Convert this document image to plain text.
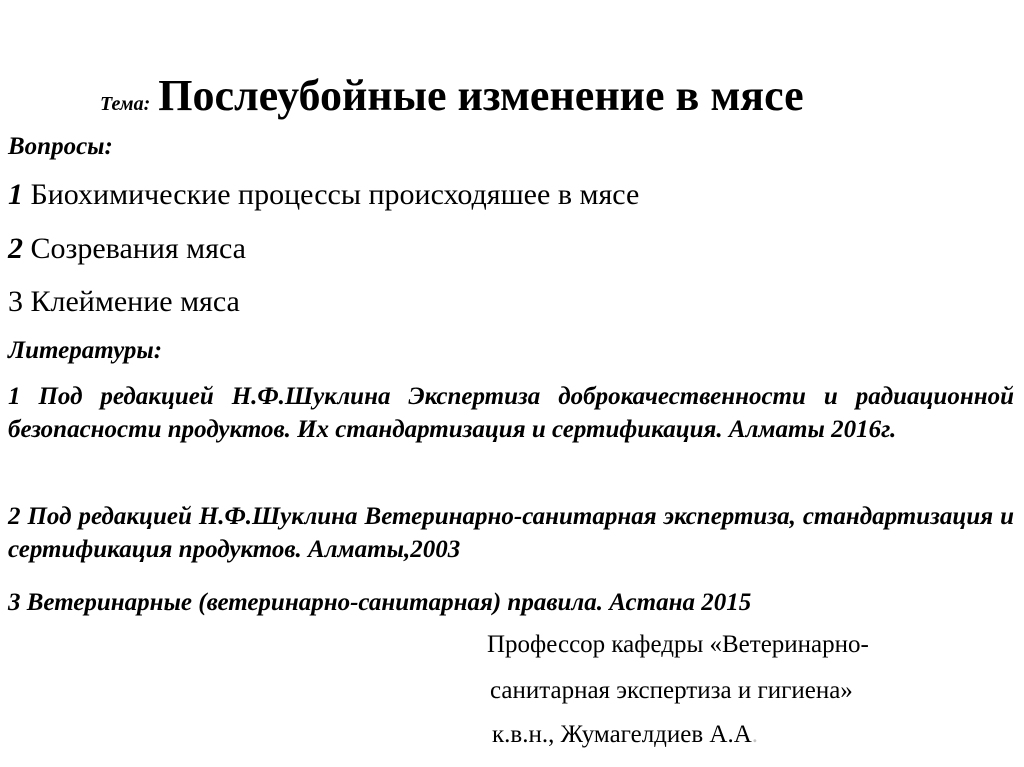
Тема: Послеубойные изменение в мясе
Вопросы:
1 Биохимические процессы происходяшее в мясе
2 Созревания мяса
3 Клеймение мяса
Литературы:
1 Под редакцией Н.Ф.Шуклина Экспертиза доброкачественности и радиационной безопасности продуктов. Их стандартизация и сертификация. Алматы 2016г.
2 Под редакцией Н.Ф.Шуклина Ветеринарно-санитарная экспертиза, стандартизация и сертификация продуктов. Алматы,2003
3 Ветеринарные (ветеринарно-санитарная) правила. Астана 2015
Профессор кафедры «Ветеринарно-
санитарная экспертиза и гигиена»
к.в.н., Жумагелдиев А.А.
